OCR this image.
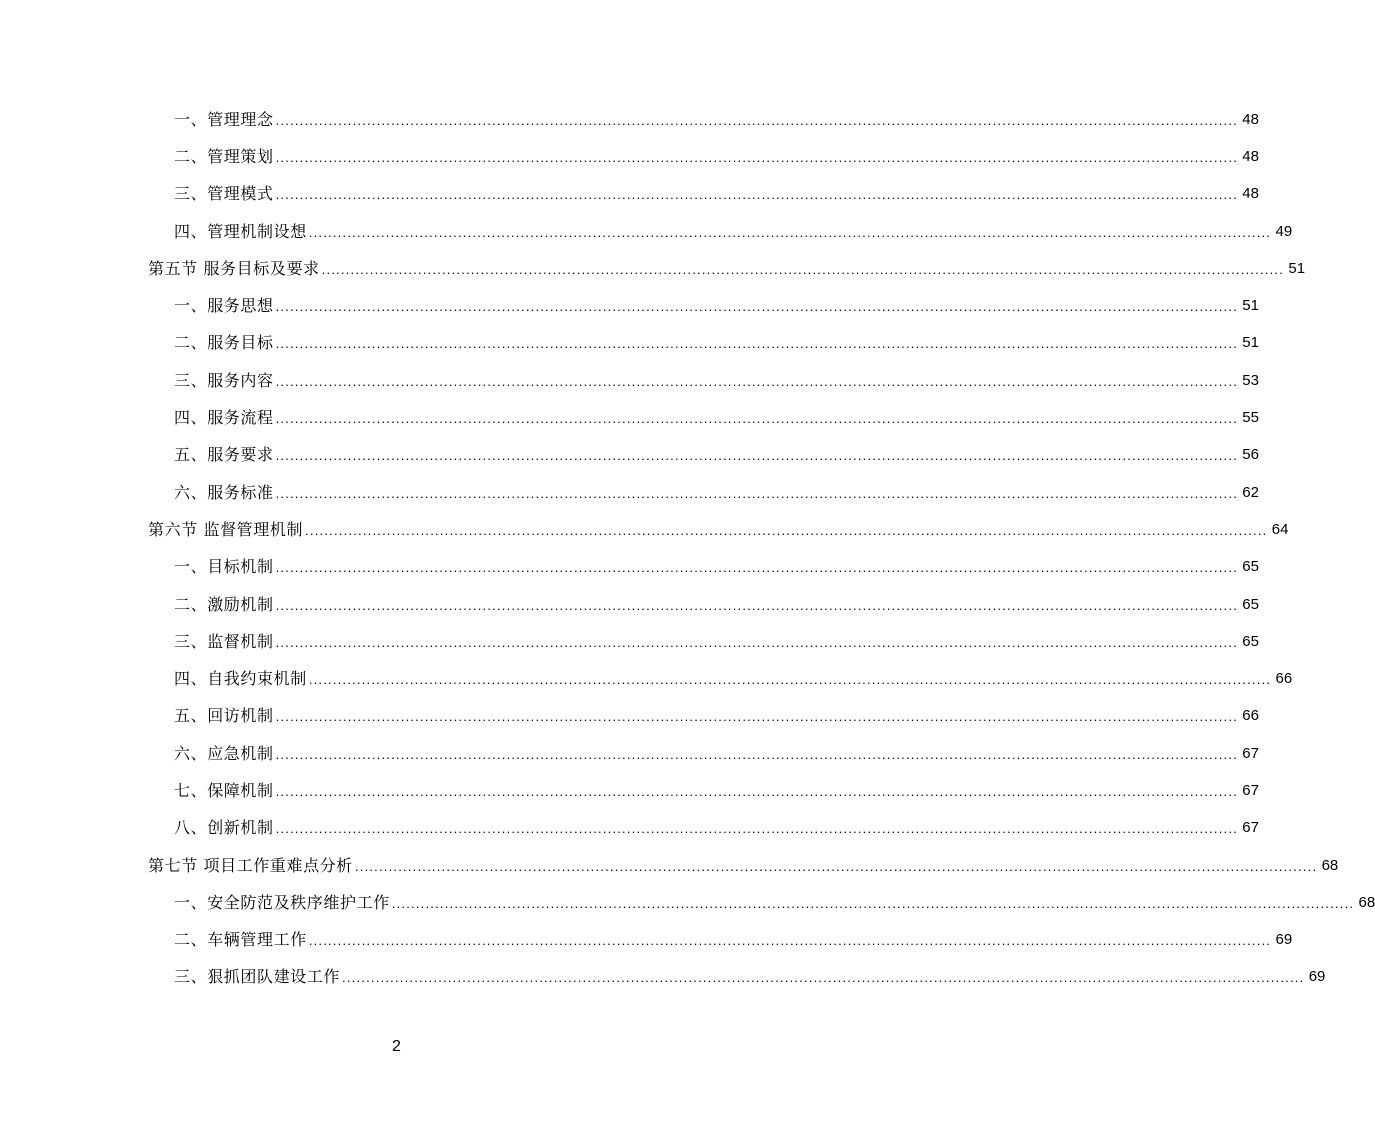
一、管理理念 ........................................................................................................................................................................................................ 48
二、管理策划 ........................................................................................................................................................................................................ 48
三、管理模式 ........................................................................................................................................................................................................ 48
四、管理机制设想 ........................................................................................................................................................................................................ 49
第五节 服务目标及要求 ........................................................................................................................................................................................................ 51
一、服务思想 ........................................................................................................................................................................................................ 51
二、服务目标 ........................................................................................................................................................................................................ 51
三、服务内容 ........................................................................................................................................................................................................ 53
四、服务流程 ........................................................................................................................................................................................................ 55
五、服务要求 ........................................................................................................................................................................................................ 56
六、服务标准 ........................................................................................................................................................................................................ 62
第六节 监督管理机制 ........................................................................................................................................................................................................ 64
一、目标机制 ........................................................................................................................................................................................................ 65
二、激励机制 ........................................................................................................................................................................................................ 65
三、监督机制 ........................................................................................................................................................................................................ 65
四、自我约束机制 ........................................................................................................................................................................................................ 66
五、回访机制 ........................................................................................................................................................................................................ 66
六、应急机制 ........................................................................................................................................................................................................ 67
七、保障机制 ........................................................................................................................................................................................................ 67
八、创新机制 ........................................................................................................................................................................................................ 67
第七节 项目工作重难点分析 ........................................................................................................................................................................................................ 68
一、安全防范及秩序维护工作 ........................................................................................................................................................................................................ 68
二、车辆管理工作 ........................................................................................................................................................................................................ 69
三、狠抓团队建设工作 ........................................................................................................................................................................................................ 69
2
